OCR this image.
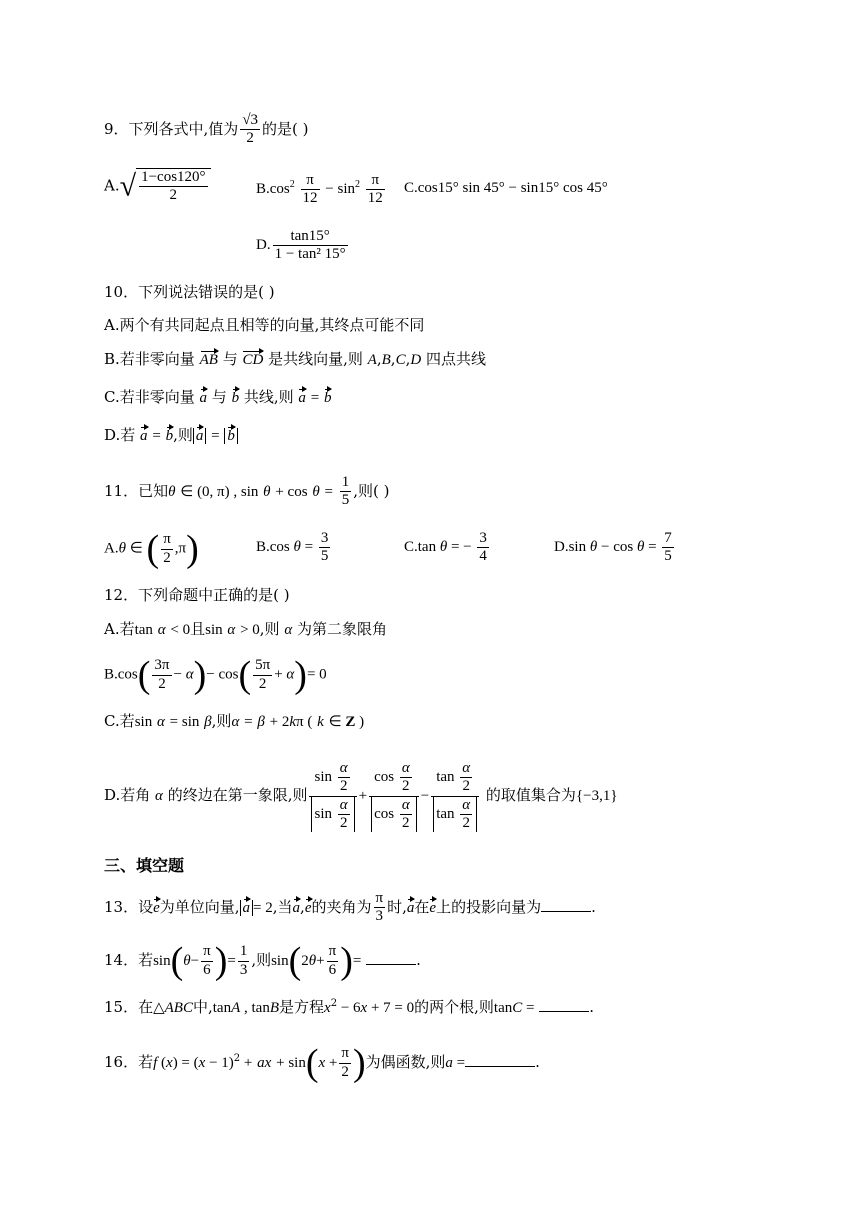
9．下列各式中,值为 $\frac{√3}{2}$ 的是( )
$A.√ \frac{1-\cos 120^\circ}{2}$	$B.\cos^2 \frac{\pi}{12} - \sin^2 \frac{\pi}{12} C.\cos 15^\circ$ sin 45° − sin15° cos 45°
D. $\frac{\tan 15^\circ}{\text{1 − tan² 15°}}$
10．下列说法错误的是( )
A.两个有共同起点且相等的向量,其终点可能不同
B.若非零向量 AB 与 CD 是共线向量,则 A,B,C,D 四点共线
C.若非零向量 a 与 b 共线,则 a = b
D.若 a = b,则 a = b
11．已知θ ∈ (0, π) , $\sin \theta + \cos \theta = \frac{1}{5}$ ,则( )
A.θ ∈ ( $\frac{\pi}{2} ,\pi$)	B.cos $\theta = \frac{3}{5}$	C.tan θ = − $\frac{3}{4}$	D.sin $\theta - \cos \theta = \frac{7}{5}$
12．下列命题中正确的是( )
A.若tan α < 0且sin α > 0,则 α 为第二象限角
$B.\cos( \frac{3\pi}{2} - \alpha)- \cos( \frac{5\pi}{2} + \alpha)= 0$
C.若sin α = sin β,则α = β + 2kπ ( k ∈ Z )
D.若角 α 的终边在第一象限,则 $\frac{\sin \frac{\alpha}{2}}{\sin \frac{\alpha}{2}} + \frac{\cos \frac{\alpha}{2}}{\cos \frac{\alpha}{2}} - \frac{\tan \frac{\alpha}{2}}{\tan \frac{\alpha}{2}}$ 的取值集合为{−3,1}
三、填空题
13．设e为单位向量, a = 2,当a,e的夹角为 $\frac{\pi}{3}$ 时,a在e上的投影向量为	.
14．若$\sin(\theta- \frac{\pi}{6}$ )= $\frac{1}{3}$ ,则$\sin(2\theta+ \frac{\pi}{6}$ )=	.
15．在△ABC中,tanA , tanB是方程$x^2 - 6x + 7 = 0$的两个根,则tanC =	.
16．若f $(x) = (x - 1)^2$ + ax + $\sin(x + \frac{\pi}{2}$ )为偶函数,则a =	.
